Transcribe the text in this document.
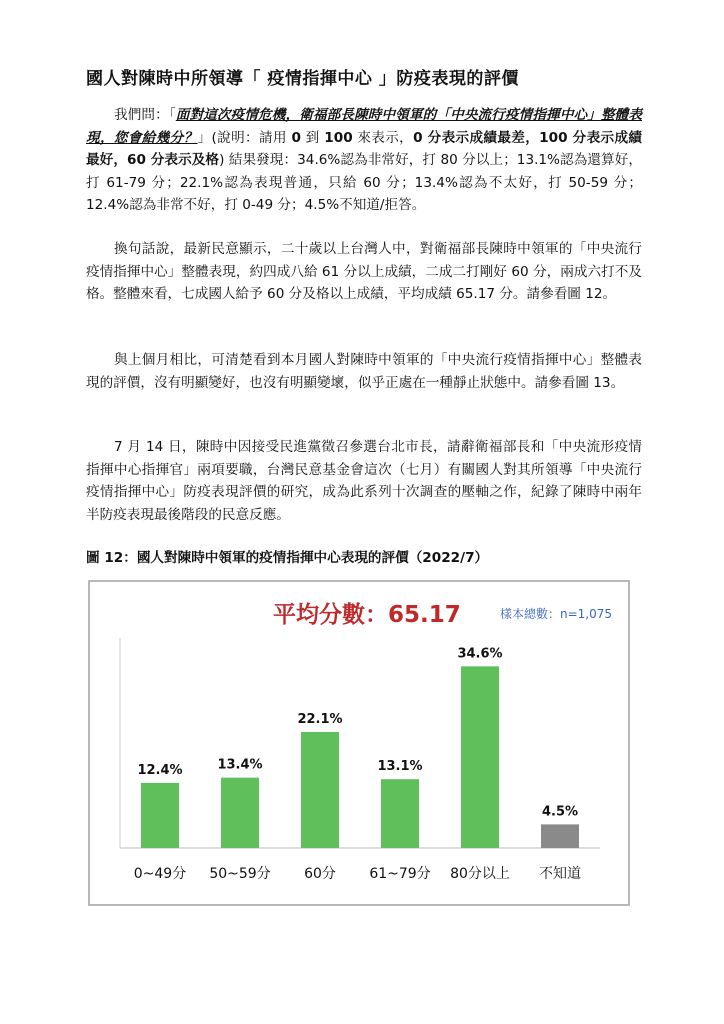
國人對陳時中所領導「 疫情指揮中心 」防疫表現的評價

我們問：「面對這次疫情危機，衛福部長陳時中領軍的「中央流行疫情指揮中心」整體表現，您會給幾分？」(說明：請用 0 到 100 來表示，0 分表示成績最差，100 分表示成績最好，60 分表示及格) 結果發現：34.6%認為非常好，打 80 分以上；13.1%認為還算好，打 61-79 分；22.1%認為表現普通，只給 60 分；13.4%認為不太好，打 50-59 分；12.4%認為非常不好，打 0-49 分；4.5%不知道/拒答。

換句話說，最新民意顯示，二十歲以上台灣人中，對衛福部長陳時中領軍的「中央流行疫情指揮中心」整體表現，約四成八給 61 分以上成績，二成二打剛好 60 分，兩成六打不及格。整體來看，七成國人給予 60 分及格以上成績，平均成績 65.17 分。請參看圖 12。

與上個月相比，可清楚看到本月國人對陳時中領軍的「中央流行疫情指揮中心」整體表現的評價，沒有明顯變好，也沒有明顯變壞，似乎正處在一種靜止狀態中。請參看圖 13。

7 月 14 日，陳時中因接受民進黨徵召參選台北市長，請辭衛福部長和「中央流形疫情指揮中心指揮官」兩項要職，台灣民意基金會這次（七月）有關國人對其所領導「中央流行疫情指揮中心」防疫表現評價的研究，成為此系列十次調查的壓軸之作，紀錄了陳時中兩年半防疫表現最後階段的民意反應。

圖 12：國人對陳時中領軍的疫情指揮中心表現的評價（2022/7）

平均分數：65.17	樣本總數：n=1,075
12.4%
0~49分
13.4%
50~59分
22.1%
60分
13.1%
61~79分
34.6%
80分以上
4.5%
不知道
